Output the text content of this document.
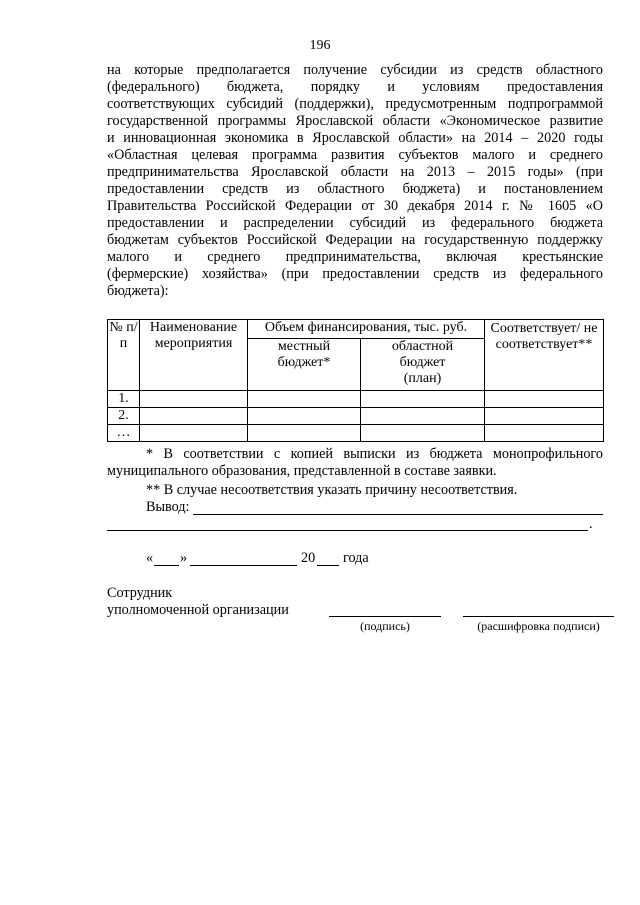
196
на которые предполагается получение субсидии из средств областного
(федерального) бюджета, порядку и условиям предоставления
соответствующих субсидий (поддержки), предусмотренным подпрограммой
государственной программы Ярославской области «Экономическое развитие
и инновационная экономика в Ярославской области» на 2014 – 2020 годы
«Областная целевая программа развития субъектов малого и среднего
предпринимательства Ярославской области на 2013 – 2015 годы» (при
предоставлении средств из областного бюджета) и постановлением
Правительства Российской Федерации от 30 декабря 2014 г. № 1605 «О
предоставлении и распределении субсидий из федерального бюджета
бюджетам субъектов Российской Федерации на государственную поддержку
малого и среднего предпринимательства, включая крестьянские
(фермерские) хозяйства» (при предоставлении средств из федерального
бюджета):
№ п/п	Наименование мероприятия	Объем финансирования, тыс. руб.		Соответствует/ не соответствует**
		местный бюджет*	областной бюджет (план)	
1.				
2.				
…				
* В соответствии с копией выписки из бюджета монопрофильного
муниципального образования, представленной в составе заявки.
** В случае несоответствия указать причину несоответствия.
Вывод:
.
« »	20 года
Сотрудник
уполномоченной организации
(подпись)	(расшифровка подписи)
